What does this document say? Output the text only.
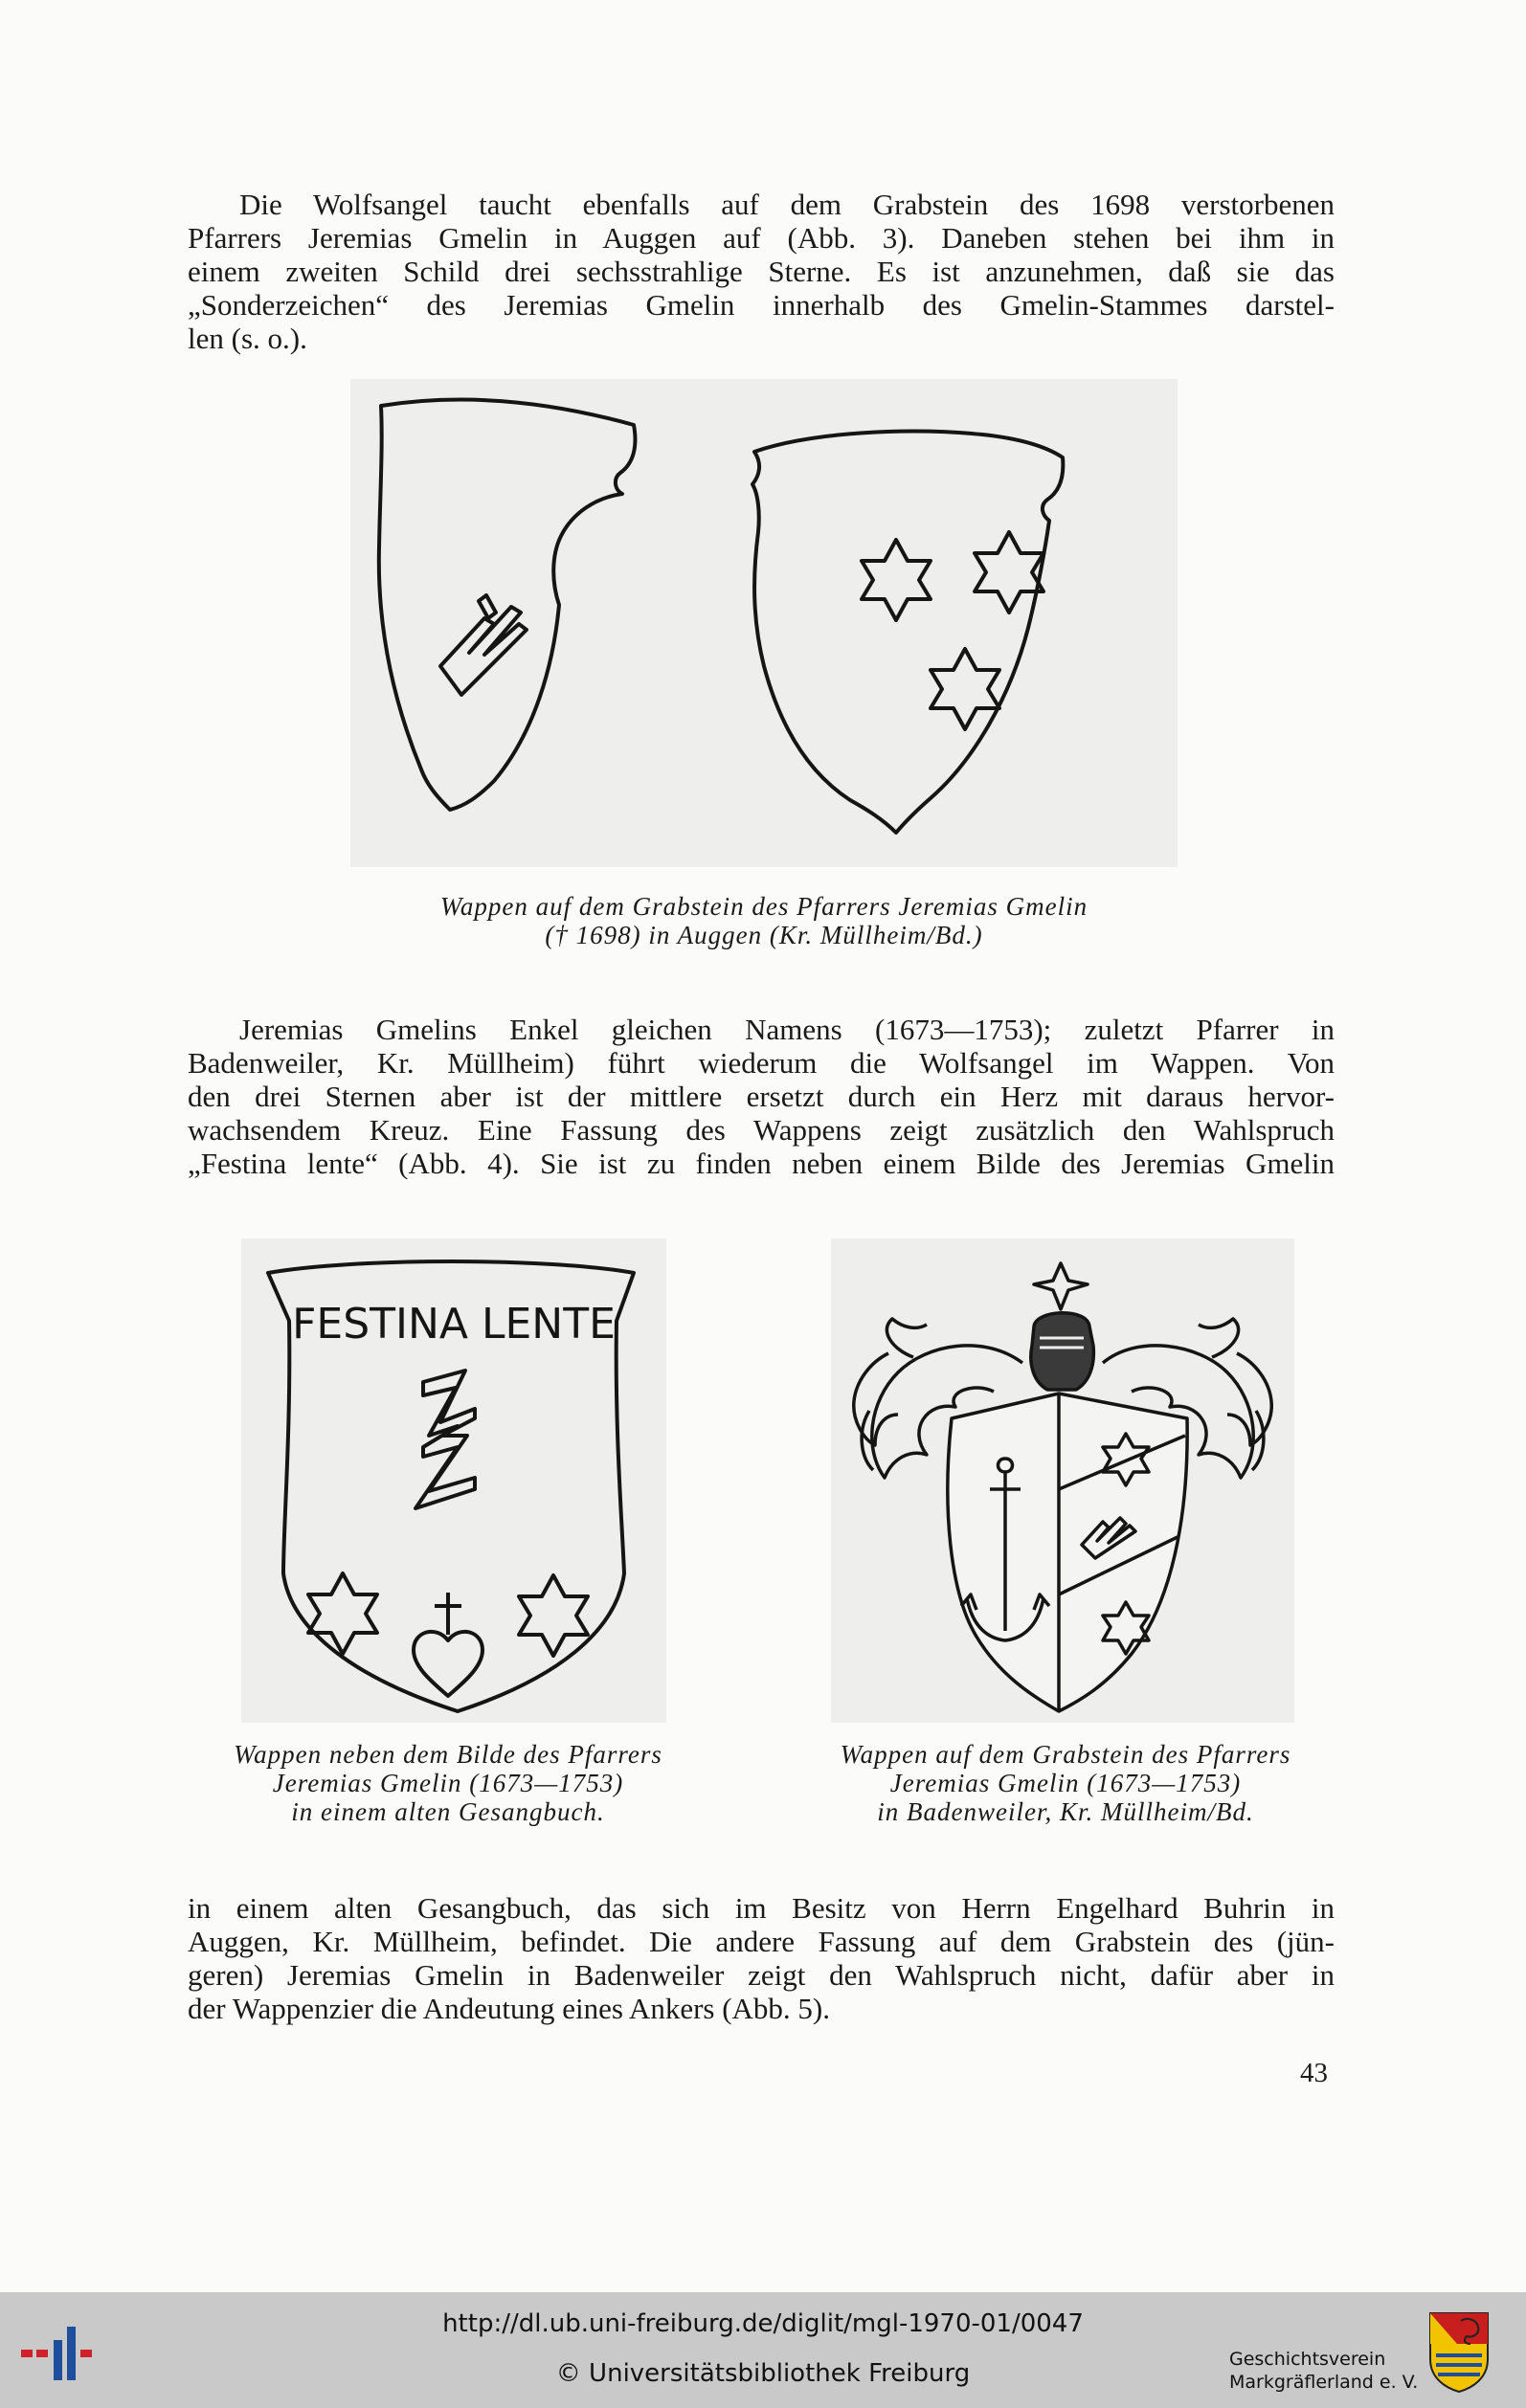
Die Wolfsangel taucht ebenfalls auf dem Grabstein des 1698 verstorbenen
Pfarrers Jeremias Gmelin in Auggen auf (Abb. 3). Daneben stehen bei ihm in
einem zweiten Schild drei sechsstrahlige Sterne. Es ist anzunehmen, daß sie das
„Sonderzeichen“ des Jeremias Gmelin innerhalb des Gmelin-Stammes darstel-
len (s. o.).

Wappen auf dem Grabstein des Pfarrers Jeremias Gmelin
(† 1698) in Auggen (Kr. Müllheim/Bd.)

Jeremias Gmelins Enkel gleichen Namens (1673—1753); zuletzt Pfarrer in
Badenweiler, Kr. Müllheim) führt wiederum die Wolfsangel im Wappen. Von
den drei Sternen aber ist der mittlere ersetzt durch ein Herz mit daraus hervor-
wachsendem Kreuz. Eine Fassung des Wappens zeigt zusätzlich den Wahlspruch
„Festina lente“ (Abb. 4). Sie ist zu finden neben einem Bilde des Jeremias Gmelin

FESTINA LENTE
Wappen neben dem Bilde des Pfarrers
Jeremias Gmelin (1673—1753)
in einem alten Gesangbuch.
Wappen auf dem Grabstein des Pfarrers
Jeremias Gmelin (1673—1753)
in Badenweiler, Kr. Müllheim/Bd.

in einem alten Gesangbuch, das sich im Besitz von Herrn Engelhard Buhrin in
Auggen, Kr. Müllheim, befindet. Die andere Fassung auf dem Grabstein des (jün-
geren) Jeremias Gmelin in Badenweiler zeigt den Wahlspruch nicht, dafür aber in
der Wappenzier die Andeutung eines Ankers (Abb. 5).

43
http://dl.ub.uni-freiburg.de/diglit/mgl-1970-01/0047
© Universitätsbibliothek Freiburg	Geschichtsverein
Markgräflerland e. V.
